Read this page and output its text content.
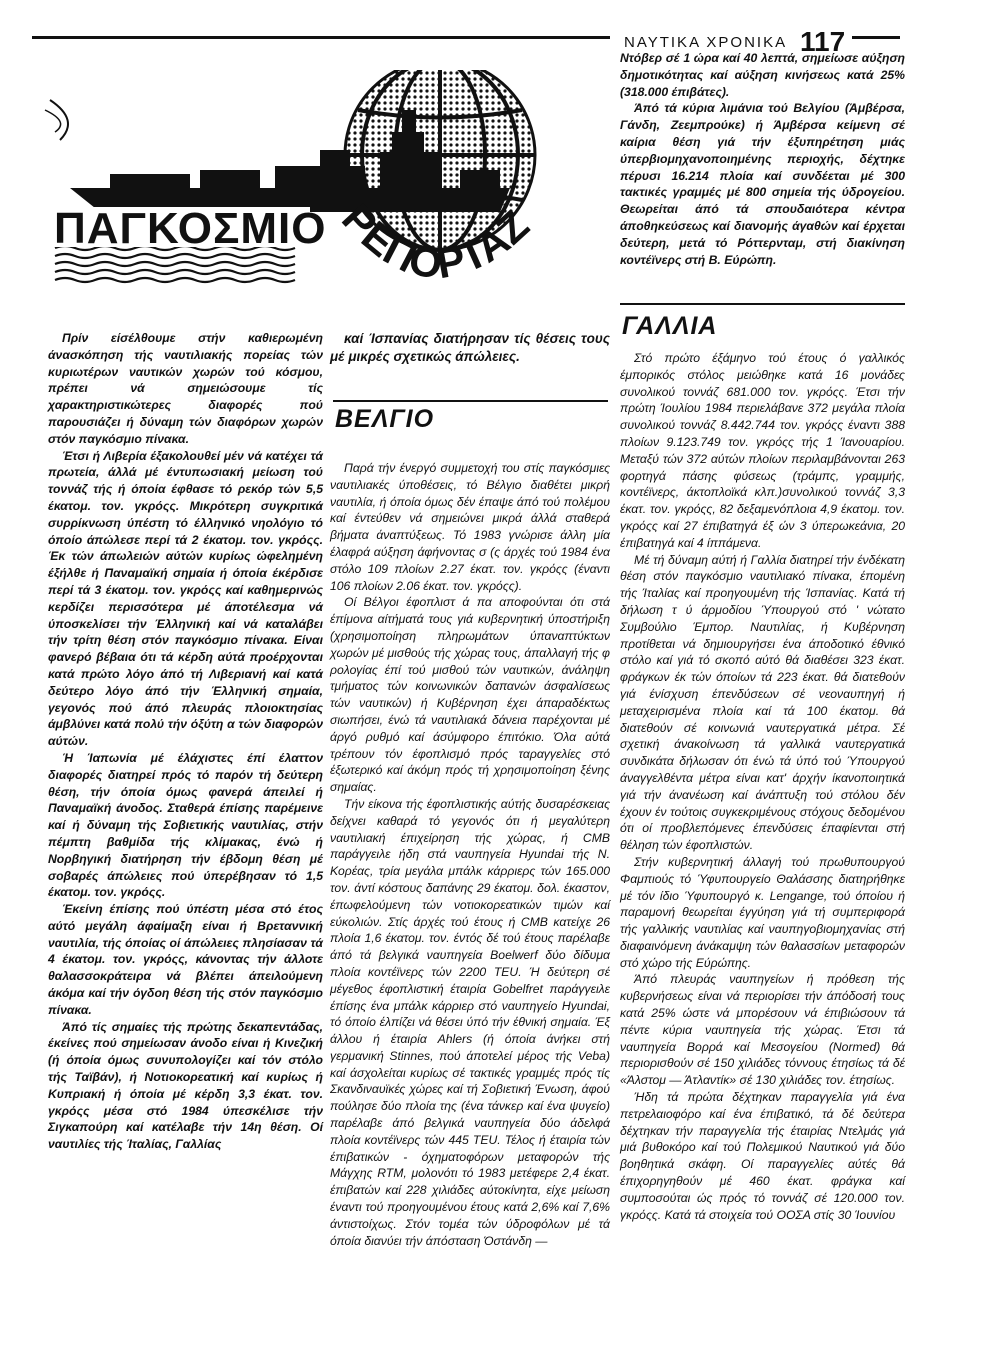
ΝΑΥΤΙΚΑ ΧΡΟΝΙΚΑ 117
ΠΑΓΚΟΣΜΙΟ ΡΕΠΟΡΤΑΖ

Πρίν είσέλθουμε στήν καθιερωμένη άνασκόπηση τής ναυτιλιακής πορείας τών κυριωτέρων ναυτικών χωρών τού κόσμου, πρέπει νά σημειώσουμε τίς χαρακτηριστικώτερες διαφορές πού παρουσιάζει ή δύναμη τών διαφόρων χωρών στόν παγκόσμιο πίνακα.

Έτσι ή Λιβερία έξακολουθεί μέν νά κατέχει τά πρωτεία, άλλά μέ έντυπωσιακή μείωση τού τοννάζ τής ή όποία έφθασε τό ρεκόρ τών 5,5 έκατομ. τον. γκρόςς. Μικρότερη συγκριτικά συρρίκνωση ύπέστη τό έλληνικό νηολόγιο τό όποίο άπώλεσε περί τά 2 έκατομ. τον. γκρόςς. Έκ τών άπωλειών αύτών κυρίως ώφελημένη έξήλθε ή Παναμαϊκή σημαία ή όποία έκέρδισε περί τά 3 έκατομ. τον. γκρόςς καί καθημερινώς κερδίζει περισσότερα μέ άποτέλεσμα νά ύποσκελίσει τήν Έλληνική καί νά καταλάβει τήν τρίτη θέση στόν παγκόσμιο πίνακα. Είναι φανερό βέβαια ότι τά κέρδη αύτά προέρχονται κατά πρώτο λόγο άπό τή Λιβεριανή καί κατά δεύτερο λόγο άπό τήν Έλληνική σημαία, γεγονός πού άπό πλευράς πλοιοκτησίας άμβλύνει κατά πολύ τήν όξύτη α τών διαφορών αύτών.

Ή Ίαπωνία μέ έλάχιστες έπί έλαττον διαφορές διατηρεί πρός τό παρόν τή δεύτερη θέση, τήν όποία όμως φανερά άπειλεί ή Παναμαϊκή άνοδος. Σταθερά έπίσης παρέμεινε καί ή δύναμη τής Σοβιετικής ναυτιλίας, στήν πέμπτη βαθμίδα τής κλίμακας, ένώ ή Νορβηγική διατήρηση τήν έβδομη θέση μέ σοβαρές άπώλειες πού ύπερέβησαν τό 1,5 έκατομ. τον. γκρόςς.

Έκείνη έπίσης πού ύπέστη μέσα στό έτος αύτό μεγάλη άφαίμαξη είναι ή Βρεταννική ναυτιλία, τής όποίας οί άπώλειες πλησίασαν τά 4 έκατομ. τον. γκρόςς, κάνοντας τήν άλλοτε θαλασσοκράτειρα νά βλέπει άπειλούμενη άκόμα καί τήν όγδοη θέση τής στόν παγκόσμιο πίνακα.

Άπό τίς σημαίες τής πρώτης δεκαπεντάδας, έκείνες πού σημείωσαν άνοδο είναι ή Κινεζική (ή όποία όμως συνυπολογίζει καί τόν στόλο τής Ταϊβάν), ή Νοτιοκορεατική καί κυρίως ή Κυπριακή ή όποία μέ κέρδη 3,3 έκατ. τον. γκρόςς μέσα στό 1984 ύπεσκέλισε τήν Σιγκαπούρη καί κατέλαβε τήν 14η θέση. Οί ναυτιλίες τής Ίταλίας, Γαλλίας

καί Ίσπανίας διατήρησαν τίς θέσεις τους μέ μικρές σχετικώς άπώλειες.

ΒΕΛΓΙΟ

Παρά τήν ένεργό συμμετοχή του στίς παγκόσμιες ναυτιλιακές ύποθέσεις, τό Βέλγιο διαθέτει μικρή ναυτιλία, ή όποία όμως δέν έπαψε άπό τού πολέμου καί έντεύθεν νά σημειώνει μικρά άλλά σταθερά βήματα άναπτύξεως. Τό 1983 γνώρισε άλλη μία έλαφρά αύξηση άφήνοντας σ (ς άρχές τού 1984 ένα στόλο 109 πλοίων 2.27 έκατ. τον. γκρόςς (έναντι 106 πλοίων 2.06 έκατ. τον. γκρόςς).

Οί Βέλγοι έφοπλιστ ά πα αποφούνται ότι στά έπίμονα αίτήματά τους γιά κυβερνητική ύποστήριξη (χρησιμοποίηση πληρωμάτων ύπαναπτύκτων χωρών μέ μισθούς τής χώρας τους, άπαλλαγή τής φ ρολογίας έπί τού μισθού τών ναυτικών, άνάληψη τμήματος τών κοινωνικών δαπανών άσφαλίσεως τών ναυτικών) ή Κυβέρνηση έχει άπαραδέκτως σιωπήσει, ένώ τά ναυτιλιακά δάνεια παρέχονται μέ άργό ρυθμό καί άσύμφορο έπιτόκιο. Όλα αύτά τρέπουν τόν έφοπλισμό πρός ταραγγελίες στό έξωτερικό καί άκόμη πρός τή χρησιμοποίηση ξένης σημαίας.

Τήν είκονα τής έφοπλιστικής αύτής δυσαρέσκειας δείχνει καθαρά τό γεγονός ότι ή μεγαλύτερη ναυτιλιακή έπιχείρηση τής χώρας, ή CMB παράγγειλε ήδη στά ναυπηγεία Hyundai τής Ν. Κορέας, τρία μεγάλα μπάλκ κάρριερς τών 165.000 τον. άντί κόστους δαπάνης 29 έκατομ. δολ. έκαστον, έπωφελούμενη τών νοτιοκορεατικών τιμών καί εύκολιών. Στίς άρχές τού έτους ή CMB κατείχε 26 πλοία 1,6 έκατομ. τον. έντός δέ τού έτους παρέλαβε άπό τά βελγικά ναυπηγεία Boelwerf δύο δίδυμα πλοία κοντέϊνερς τών 2200 TEU. Ή δεύτερη σέ μέγεθος έφοπλιστική έταιρία Gobelfret παράγγειλε έπίσης ένα μπάλκ κάρριερ στό ναυπηγείο Hyundai, τό όποίο έλπίζει νά θέσει ύπό τήν έθνική σημαία. Έξ άλλου ή έταιρία Ahlers (ή όποία άνήκει στή γερμανική Stinnes, πού άποτελεί μέρος τής Veba) καί άσχολείται κυρίως σέ τακτικές γραμμές πρός τίς Σκανδιναυϊκές χώρες καί τή Σοβιετική Ένωση, άφού πούλησε δύο πλοία της (ένα τάνκερ καί ένα ψυγείο) παρέλαβε άπό βελγικά ναυπηγεία δύο άδελφά πλοία κοντέϊνερς τών 445 TEU. Τέλος ή έταιρία τών έπιβατικών - όχηματοφόρων μεταφορών τής Μάγχης RTM, μολονότι τό 1983 μετέφερε 2,4 έκατ. έπιβατών καί 228 χιλιάδες αύτοκίνητα, είχε μείωση έναντι τού προηγουμένου έτους κατά 2,6% καί 7,6% άντιστοίχως. Στόν τομέα τών ύδροφόλων μέ τά όποία διανύει τήν άπόσταση Όστάνδη —

Ντόβερ σέ 1 ώρα καί 40 λεπτά, σημείωσε αύξηση δημοτικότητας καί αύξηση κινήσεως κατά 25% (318.000 έπιβάτες).

Άπό τά κύρια λιμάνια τού Βελγίου (Άμβέρσα, Γάνδη, Ζεεμπρούκε) ή Άμβέρσα κείμενη σέ καίρια θέση γιά τήν έξυπηρέτηση μιάς ύπερβιομηχανοποιημένης περιοχής, δέχτηκε πέρυσι 16.214 πλοία καί συνδέεται μέ 300 τακτικές γραμμές μέ 800 σημεία τής ύδρογείου. Θεωρείται άπό τά σπουδαιότερα κέντρα άποθηκεύσεως καί διανομής άγαθών καί έρχεται δεύτερη, μετά τό Ρόττερνταμ, στή διακίνηση κοντέϊνερς στή Β. Εύρώπη.

ΓΑΛΛΙΑ

Στό πρώτο έξάμηνο τού έτους ό γαλλικός έμπορικός στόλος μειώθηκε κατά 16 μονάδες συνολικού τοννάζ 681.000 τον. γκρόςς. Έτσι τήν πρώτη Ίουλίου 1984 περιελάβανε 372 μεγάλα πλοία συνολικού τοννάζ 8.442.744 τον. γκρόςς έναντι 388 πλοίων 9.123.749 τον. γκρόςς τής 1 Ίανουαρίου. Μεταξύ τών 372 αύτών πλοίων περιλαμβάνονται 263 φορτηγά πάσης φύσεως (τράμπς, γραμμής, κοντέϊνερς, άκτοπλοϊκά κλπ.)συνολικού τοννάζ 3,3 έκατ. τον. γκρόςς, 82 δεξαμενόπλοια 4,9 έκατομ. τον. γκρόςς καί 27 έπιβατηγά έξ ών 3 ύπερωκεάνια, 20 έπιβατηγά καί 4 ίππάμενα.

Μέ τή δύναμη αύτή ή Γαλλία διατηρεί τήν ένδέκατη θέση στόν παγκόσμιο ναυτιλιακό πίνακα, έπομένη τής Ίταλίας καί προηγουμένη τής Ίσπανίας. Κατά τή δήλωση τ ύ άρμοδίου Ύπουργού στό ' νώτατο Συμβούλιο Έμπορ. Ναυτιλίας, ή Κυβέρνηση προτίθεται νά δημιουργήσει ένα άποδοτικό έθνικό στόλο καί γιά τό σκοπό αύτό θά διαθέσει 323 έκατ. φράγκων έκ τών όποίων τά 223 έκατ. θά διατεθούν γιά ένίσχυση έπενδύσεων σέ νεοναυπηγή ή μεταχειρισμένα πλοία καί τά 100 έκατομ. θά διατεθούν σέ κοινωνιά ναυτεργατικά μέτρα. Σέ σχετική άνακοίνωση τά γαλλικά ναυτεργατικά συνδικάτα δήλωσαν ότι ένώ τά ύπό τού Ύπουργού άναγγελθέντα μέτρα είναι κατ' άρχήν ίκανοποιητικά γιά τήν άνανέωση καί άνάπτυξη τού στόλου δέν έχουν έν τούτοις συγκεκριμένους στόχους δεδομένου ότι οί προβλεπόμενες έπενδύσεις έπαφίενται στή θέληση τών έφοπλιστών.

Στήν κυβερνητική άλλαγή τού πρωθυπουργού Φαμπιούς τό Ύφυπουργείο Θαλάσσης διατηρήθηκε μέ τόν ίδιο Ύφυπουργό κ. Lengange, τού όποίου ή παραμονή θεωρείται έγγύηση γιά τή συμπεριφορά τής γαλλικής ναυτιλίας καί ναυπηγοβιομηχανίας στή διαφαινόμενη άνάκαμψη τών θαλασσίων μεταφορών στό χώρο τής Εύρώπης.

Άπό πλευράς ναυπηγείων ή πρόθεση τής κυβερνήσεως είναι νά περιορίσει τήν άπόδοσή τους κατά 25% ώστε νά μπορέσουν νά έπιβιώσουν τά πέντε κύρια ναυπηγεία τής χώρας. Έτσι τά ναυπηγεία Βορρά καί Μεσογείου (Normed) θά περιορισθούν σέ 150 χιλιάδες τόννους έτησίως τά δέ «Άλστομ — Άτλαντίκ» σέ 130 χιλιάδες τον. έτησίως.

Ήδη τά πρώτα δέχτηκαν παραγγελία γιά ένα πετρελαιοφόρο καί ένα έπιβατικό, τά δέ δεύτερα δέχτηκαν τήν παραγγελία τής έταιρίας Ντελμάς γιά μιά βυθοκόρο καί τού Πολεμικού Ναυτικού γιά δύο βοηθητικά σκάφη. Οί παραγγελίες αύτές θά έπιχορηγηθούν μέ 460 έκατ. φράγκα καί συμποσούται ώς πρός τό τοννάζ σέ 120.000 τον. γκρόςς. Κατά τά στοιχεία τού ΟΟΣΑ στίς 30 Ίουνίου
